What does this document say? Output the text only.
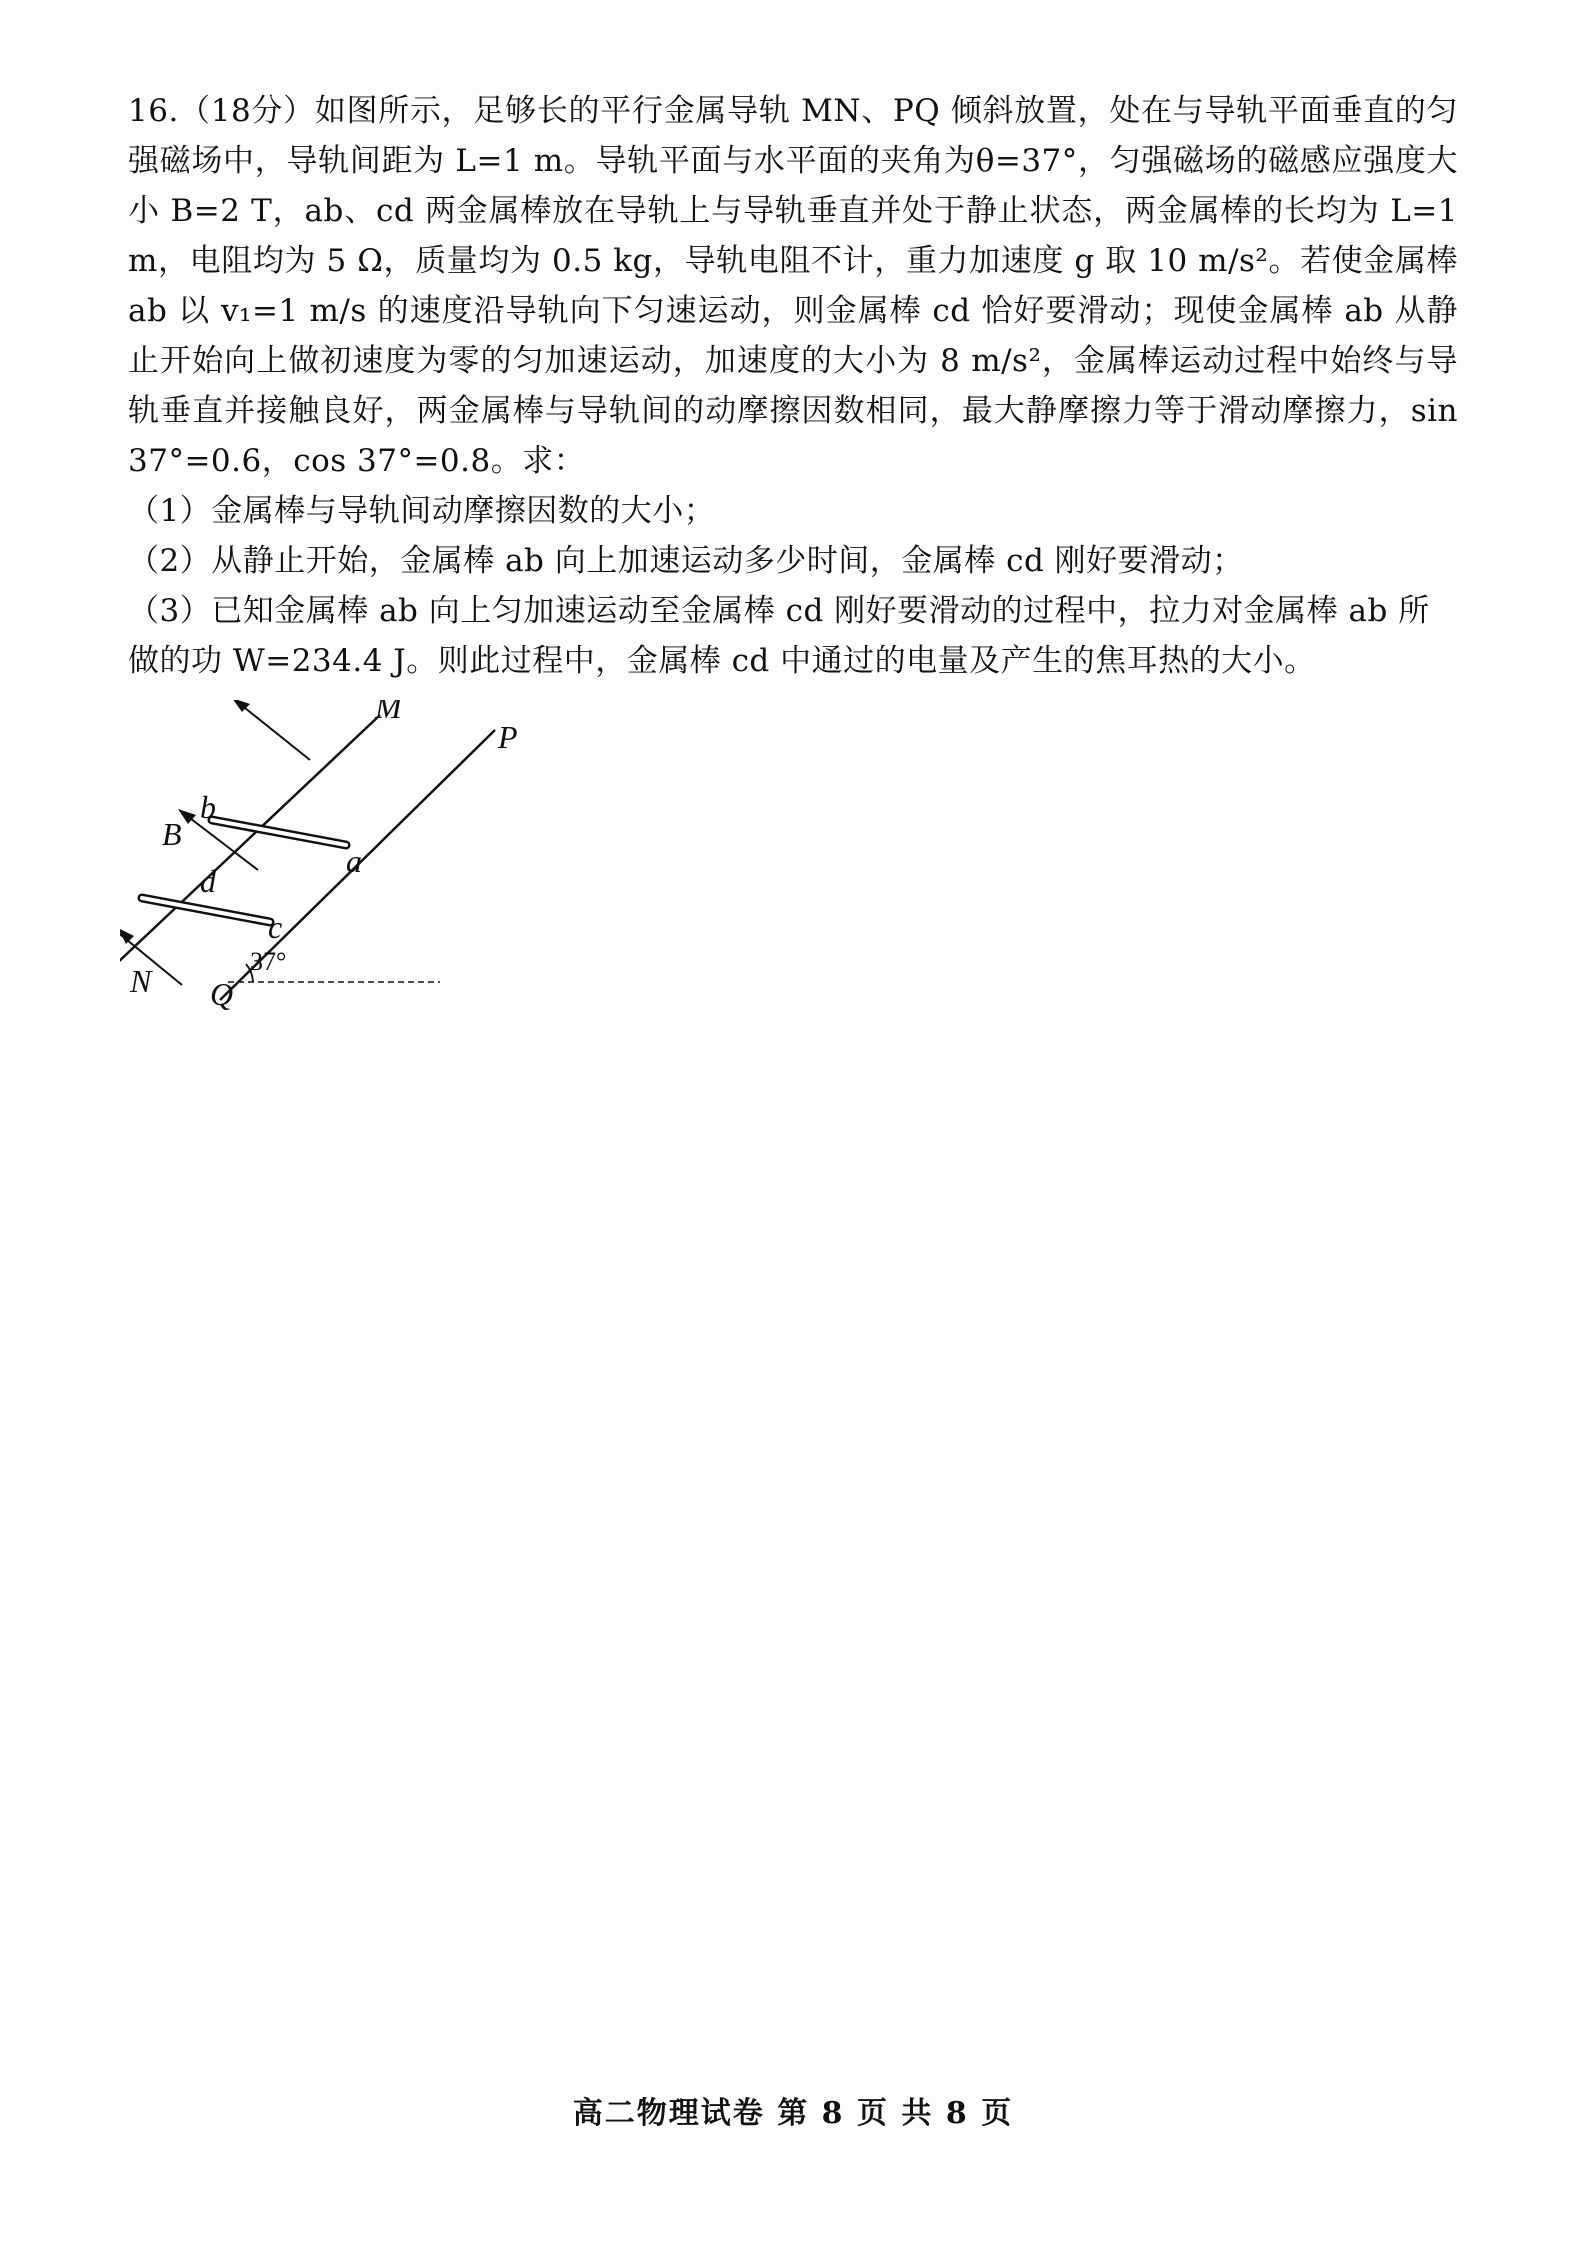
16.（18分）如图所示，足够长的平行金属导轨 MN、PQ 倾斜放置，处在与导轨平面垂直的匀强磁场中，导轨间距为 L=1 m。导轨平面与水平面的夹角为θ=37°，匀强磁场的磁感应强度大小 B=2 T，ab、cd 两金属棒放在导轨上与导轨垂直并处于静止状态，两金属棒的长均为 L=1 m，电阻均为 5 Ω，质量均为 0.5 kg，导轨电阻不计，重力加速度 g 取 10 m/s²。若使金属棒 ab 以 v₁=1 m/s 的速度沿导轨向下匀速运动，则金属棒 cd 恰好要滑动；现使金属棒 ab 从静止开始向上做初速度为零的匀加速运动，加速度的大小为 8 m/s²，金属棒运动过程中始终与导轨垂直并接触良好，两金属棒与导轨间的动摩擦因数相同，最大静摩擦力等于滑动摩擦力，sin 37°=0.6，cos 37°=0.8。求：

（1）金属棒与导轨间动摩擦因数的大小；

（2）从静止开始，金属棒 ab 向上加速运动多少时间，金属棒 cd 刚好要滑动；

（3）已知金属棒 ab 向上匀加速运动至金属棒 cd 刚好要滑动的过程中，拉力对金属棒 ab 所做的功 W=234.4 J。则此过程中，金属棒 cd 中通过的电量及产生的焦耳热的大小。

M
P
N Q
a
b
c
d
B
37°
高二物理试卷 第 8 页 共 8 页
